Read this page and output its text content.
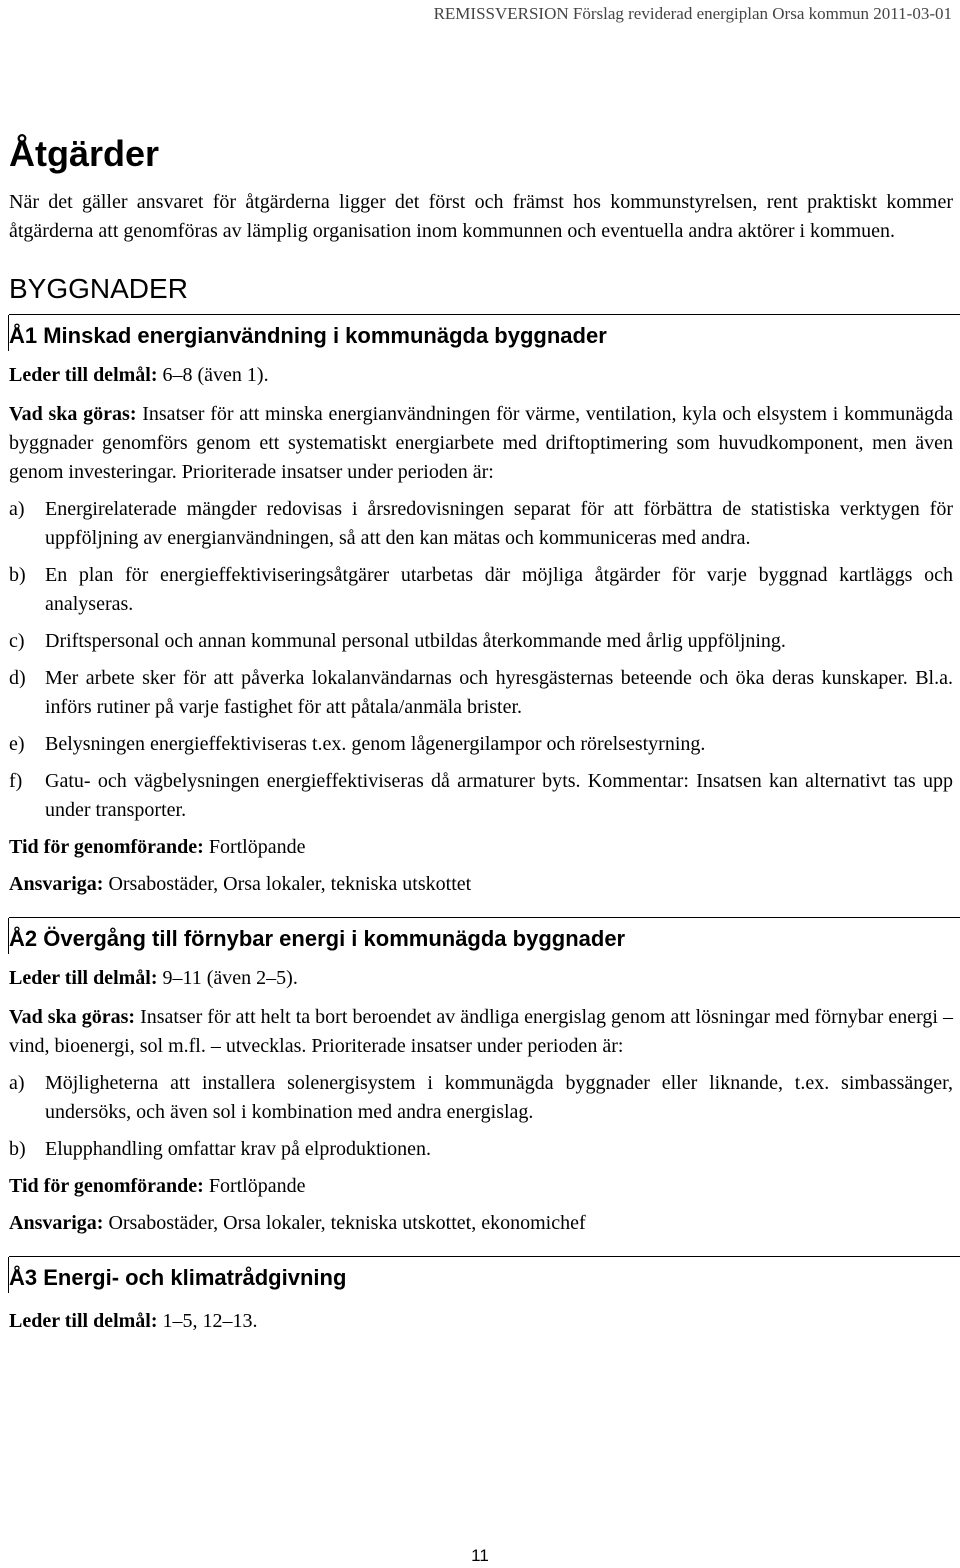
REMISSVERSION Förslag reviderad energiplan Orsa kommun 2011-03-01
Åtgärder

När det gäller ansvaret för åtgärderna ligger det först och främst hos kommunstyrelsen, rent praktiskt kommer åtgärderna att genomföras av lämplig organisation inom kommunnen och eventuella andra aktörer i kommuen.

BYGGNADER
Å1 Minskad energianvändning i kommunägda byggnader

Leder till delmål: 6–8 (även 1).

Vad ska göras: Insatser för att minska energianvändningen för värme, ventilation, kyla och elsystem i kommunägda byggnader genomförs genom ett systematiskt energiarbete med driftoptimering som huvudkomponent, men även genom investeringar. Prioriterade insatser under perioden är:

a) Energirelaterade mängder redovisas i årsredovisningen separat för att förbättra de statistiska verktygen för uppföljning av energianvändningen, så att den kan mätas och kommuniceras med andra.
b) En plan för energieffektiviseringsåtgärer utarbetas där möjliga åtgärder för varje byggnad kartläggs och analyseras.
c) Driftspersonal och annan kommunal personal utbildas återkommande med årlig uppföljning.
d) Mer arbete sker för att påverka lokalanvändarnas och hyresgästernas beteende och öka deras kunskaper. Bl.a. införs rutiner på varje fastighet för att påtala/anmäla brister.
e) Belysningen energieffektiviseras t.ex. genom lågenergilampor och rörelsestyrning.
f) Gatu- och vägbelysningen energieffektiviseras då armaturer byts. Kommentar: Insatsen kan alternativt tas upp under transporter.

Tid för genomförande: Fortlöpande

Ansvariga: Orsabostäder, Orsa lokaler, tekniska utskottet

Å2 Övergång till förnybar energi i kommunägda byggnader

Leder till delmål: 9–11 (även 2–5).

Vad ska göras: Insatser för att helt ta bort beroendet av ändliga energislag genom att lösningar med förnybar energi – vind, bioenergi, sol m.fl. – utvecklas. Prioriterade insatser under perioden är:

a) Möjligheterna att installera solenergisystem i kommunägda byggnader eller liknande, t.ex. simbassänger, undersöks, och även sol i kombination med andra energislag.
b) Elupphandling omfattar krav på elproduktionen.

Tid för genomförande: Fortlöpande

Ansvariga: Orsabostäder, Orsa lokaler, tekniska utskottet, ekonomichef

Å3 Energi- och klimatrådgivning

Leder till delmål: 1–5, 12–13.

11
